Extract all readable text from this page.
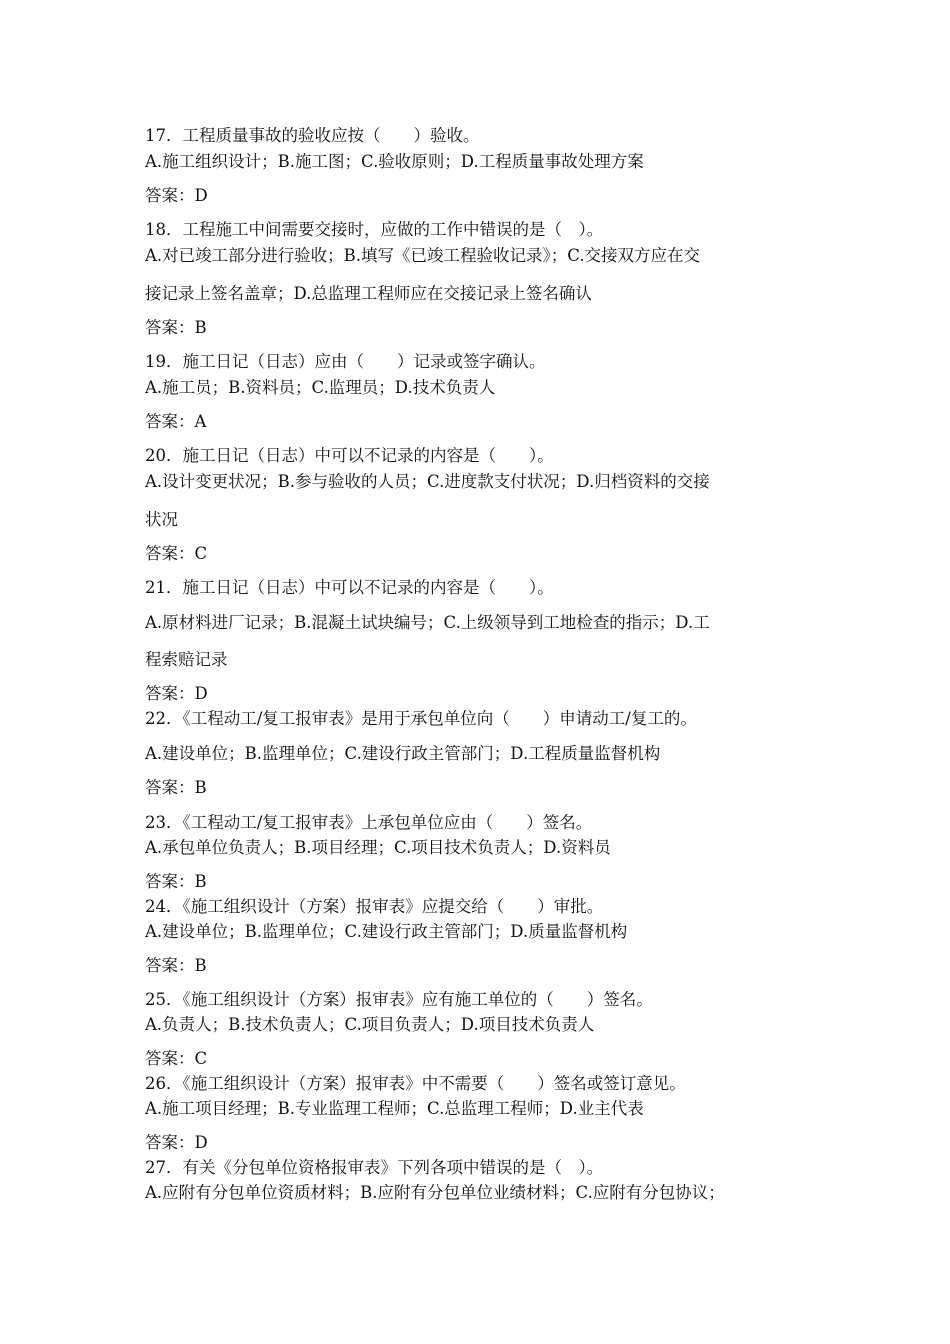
17．工程质量事故的验收应按（　　）验收。
A.施工组织设计；B.施工图；C.验收原则；D.工程质量事故处理方案
答案：D
18．工程施工中间需要交接时，应做的工作中错误的是（　）。
A.对已竣工部分进行验收；B.填写《已竣工程验收记录》；C.交接双方应在交
接记录上签名盖章；D.总监理工程师应在交接记录上签名确认
答案：B
19．施工日记（日志）应由（　　）记录或签字确认。
A.施工员；B.资料员；C.监理员；D.技术负责人
答案：A
20．施工日记（日志）中可以不记录的内容是（　　）。
A.设计变更状况；B.参与验收的人员；C.进度款支付状况；D.归档资料的交接
状况
答案：C
21．施工日记（日志）中可以不记录的内容是（　　）。
A.原材料进厂记录；B.混凝土试块编号；C.上级领导到工地检查的指示；D.工
程索赔记录
答案：D
22．《工程动工/复工报审表》是用于承包单位向（　　）申请动工/复工的。
A.建设单位；B.监理单位；C.建设行政主管部门；D.工程质量监督机构
答案：B
23．《工程动工/复工报审表》上承包单位应由（　　）签名。
A.承包单位负责人；B.项目经理；C.项目技术负责人；D.资料员
答案：B
24．《施工组织设计（方案）报审表》应提交给（　　）审批。
A.建设单位；B.监理单位；C.建设行政主管部门；D.质量监督机构
答案：B
25．《施工组织设计（方案）报审表》应有施工单位的（　　）签名。
A.负责人；B.技术负责人；C.项目负责人；D.项目技术负责人
答案：C
26．《施工组织设计（方案）报审表》中不需要（　　）签名或签订意见。
A.施工项目经理；B.专业监理工程师；C.总监理工程师；D.业主代表
答案：D
27．有关《分包单位资格报审表》下列各项中错误的是（　）。
A.应附有分包单位资质材料；B.应附有分包单位业绩材料；C.应附有分包协议；
